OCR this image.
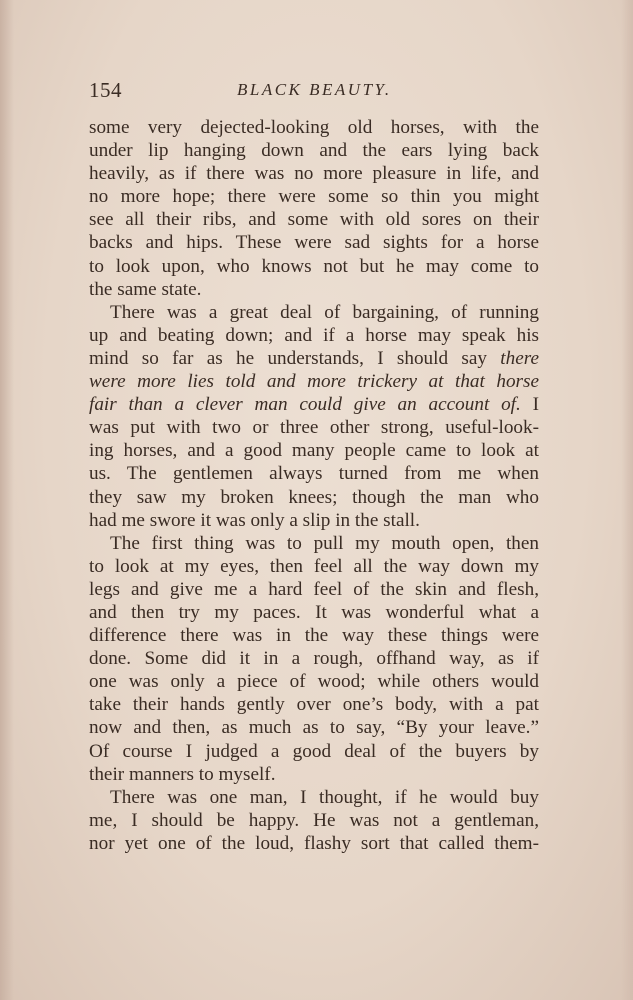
154	BLACK BEAUTY.
some very dejected-looking old horses, with the
under lip hanging down and the ears lying back
heavily, as if there was no more pleasure in life, and
no more hope; there were some so thin you might
see all their ribs, and some with old sores on their
backs and hips. These were sad sights for a horse
to look upon, who knows not but he may come to
the same state.
There was a great deal of bargaining, of running
up and beating down; and if a horse may speak his
mind so far as he understands, I should say there
were more lies told and more trickery at that horse
fair than a clever man could give an account of. I
was put with two or three other strong, useful-look-
ing horses, and a good many people came to look at
us. The gentlemen always turned from me when
they saw my broken knees; though the man who
had me swore it was only a slip in the stall.
The first thing was to pull my mouth open, then
to look at my eyes, then feel all the way down my
legs and give me a hard feel of the skin and flesh,
and then try my paces. It was wonderful what a
difference there was in the way these things were
done. Some did it in a rough, offhand way, as if
one was only a piece of wood; while others would
take their hands gently over one’s body, with a pat
now and then, as much as to say, “By your leave.”
Of course I judged a good deal of the buyers by
their manners to myself.
There was one man, I thought, if he would buy
me, I should be happy. He was not a gentleman,
nor yet one of the loud, flashy sort that called them-
